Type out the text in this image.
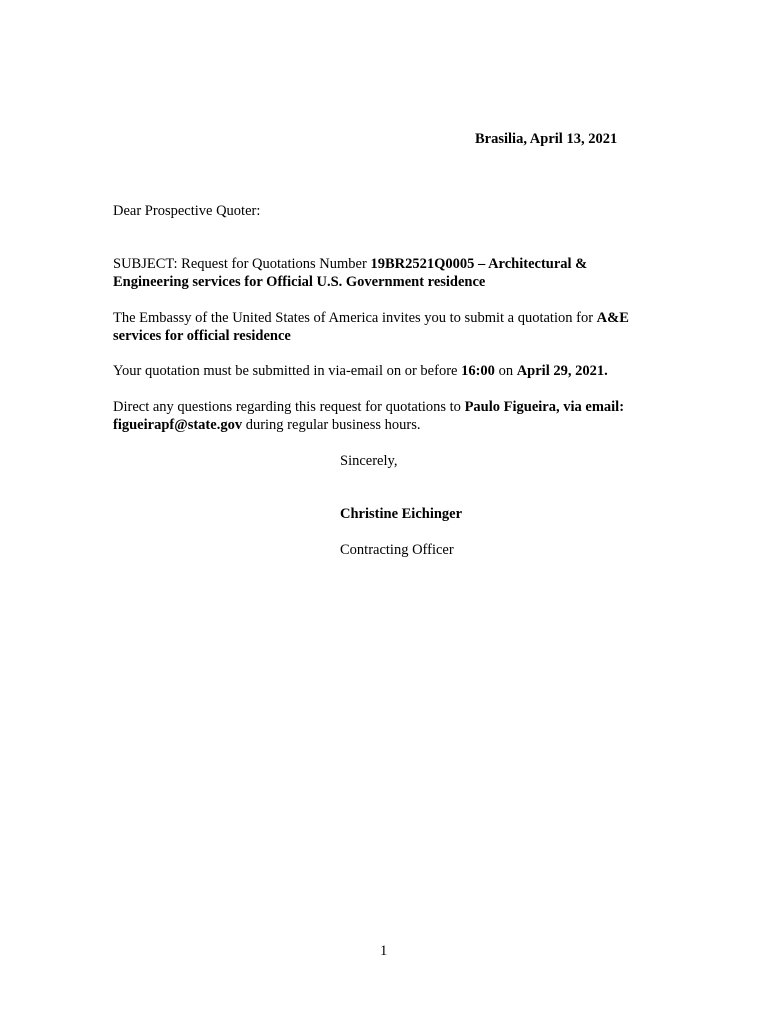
Brasilia, April 13, 2021
Dear Prospective Quoter:
SUBJECT: Request for Quotations Number 19BR2521Q0005 – Architectural &
Engineering services for Official U.S. Government residence
The Embassy of the United States of America invites you to submit a quotation for A&E
services for official residence
Your quotation must be submitted in via-email on or before 16:00 on April 29, 2021.
Direct any questions regarding this request for quotations to Paulo Figueira, via email:
figueirapf@state.gov during regular business hours.
Sincerely,
Christine Eichinger
Contracting Officer
1
